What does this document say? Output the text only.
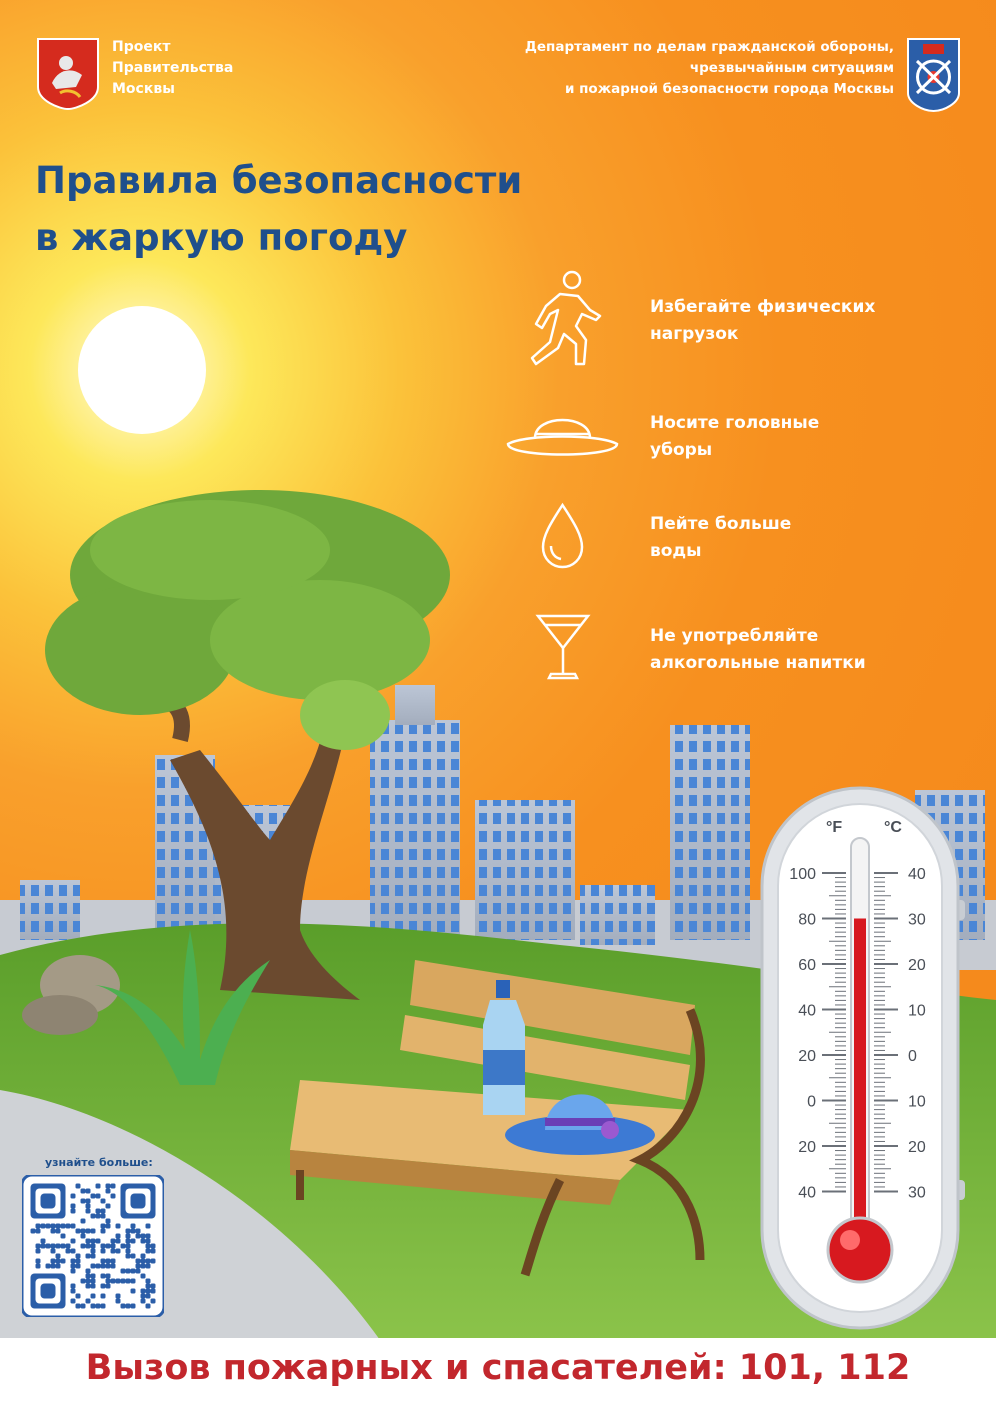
Проект
Правительства
Москвы
Департамент по делам гражданской обороны,
чрезвычайным ситуациям
и пожарной безопасности города Москвы
Правила безопасности
в жаркую погоду
Избегайте физических
нагрузок
Носите головные
уборы
Пейте больше
воды
Не употребляйте
алкогольные напитки
°F	°C
100
80
60
40
20
0
20
40
40
30
20
10
0
10
20
30
узнайте больше:
Вызов пожарных и спасателей: 101, 112
